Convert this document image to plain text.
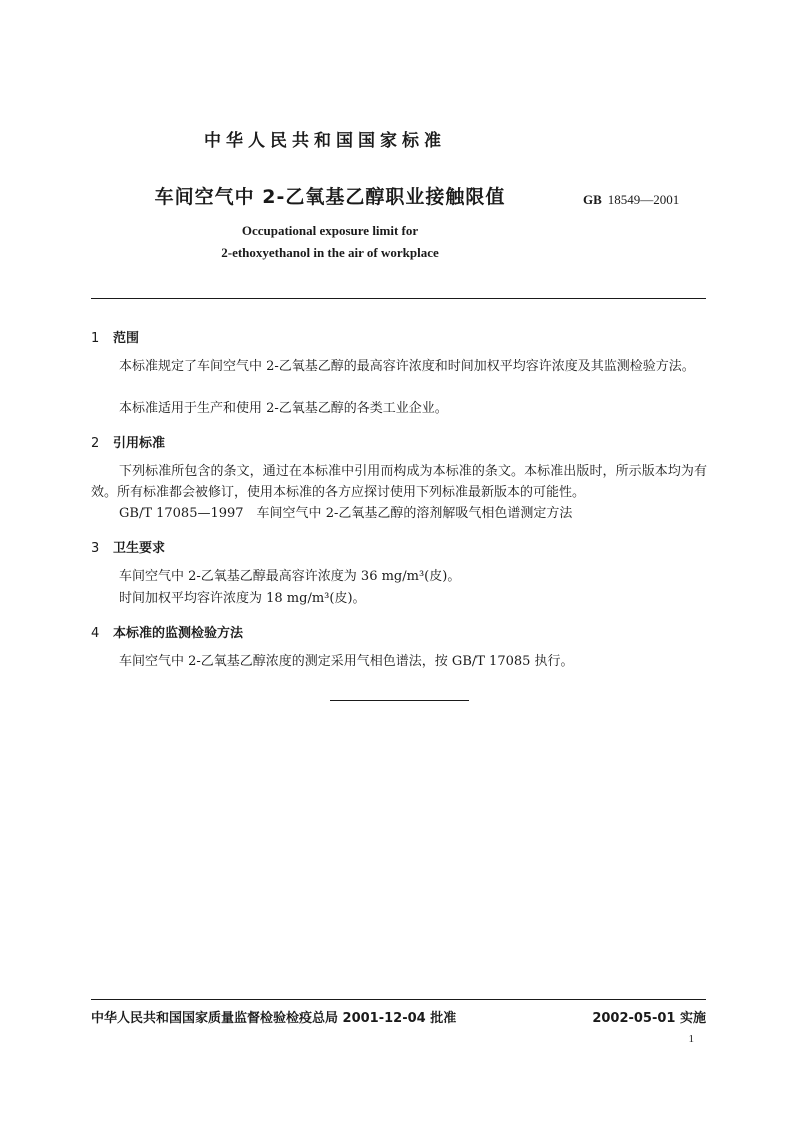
中华人民共和国国家标准
车间空气中 2-乙氧基乙醇职业接触限值	GB 18549—2001
Occupational exposure limit for
2-ethoxyethanol in the air of workplace
1 范围
本标准规定了车间空气中 2-乙氧基乙醇的最高容许浓度和时间加权平均容许浓度及其监测检验方法。
本标准适用于生产和使用 2-乙氧基乙醇的各类工业企业。
2 引用标准
下列标准所包含的条文，通过在本标准中引用而构成为本标准的条文。本标准出版时，所示版本均为有效。所有标准都会被修订，使用本标准的各方应探讨使用下列标准最新版本的可能性。
GB/T 17085—1997　车间空气中 2-乙氧基乙醇的溶剂解吸气相色谱测定方法
3 卫生要求
车间空气中 2-乙氧基乙醇最高容许浓度为 36 mg/m³(皮)。
时间加权平均容许浓度为 18 mg/m³(皮)。
4 本标准的监测检验方法
车间空气中 2-乙氧基乙醇浓度的测定采用气相色谱法，按 GB/T 17085 执行。
中华人民共和国国家质量监督检验检疫总局 2001-12-04 批准	2002-05-01 实施
1
